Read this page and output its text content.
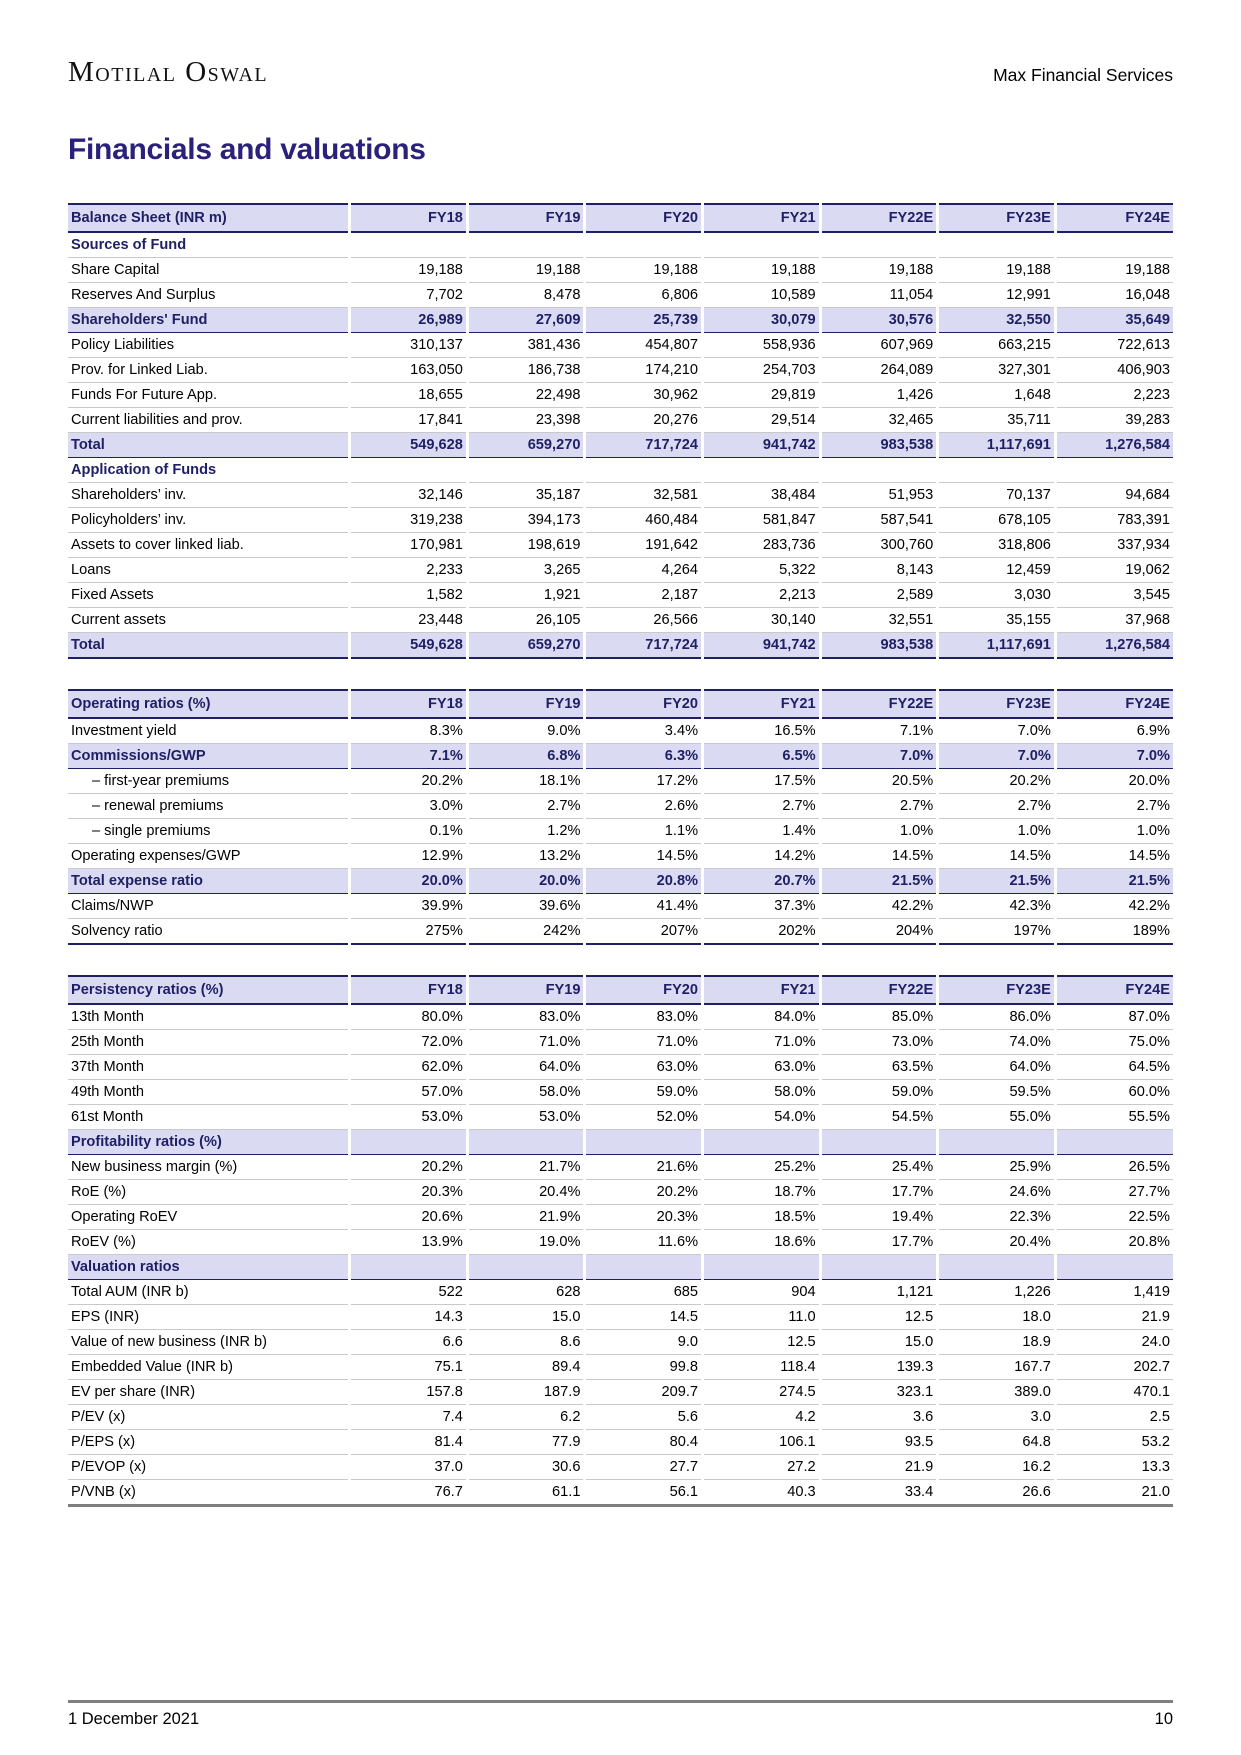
Motilal Oswal	Max Financial Services
Financials and valuations
Balance Sheet (INR m)	FY18	FY19	FY20	FY21	FY22E	FY23E	FY24E
Sources of Fund							
Share Capital	19,188	19,188	19,188	19,188	19,188	19,188	19,188
Reserves And Surplus	7,702	8,478	6,806	10,589	11,054	12,991	16,048
Shareholders' Fund	26,989	27,609	25,739	30,079	30,576	32,550	35,649
Policy Liabilities	310,137	381,436	454,807	558,936	607,969	663,215	722,613
Prov. for Linked Liab.	163,050	186,738	174,210	254,703	264,089	327,301	406,903
Funds For Future App.	18,655	22,498	30,962	29,819	1,426	1,648	2,223
Current liabilities and prov.	17,841	23,398	20,276	29,514	32,465	35,711	39,283
Total	549,628	659,270	717,724	941,742	983,538	1,117,691	1,276,584
Application of Funds							
Shareholders’ inv.	32,146	35,187	32,581	38,484	51,953	70,137	94,684
Policyholders’ inv.	319,238	394,173	460,484	581,847	587,541	678,105	783,391
Assets to cover linked liab.	170,981	198,619	191,642	283,736	300,760	318,806	337,934
Loans	2,233	3,265	4,264	5,322	8,143	12,459	19,062
Fixed Assets	1,582	1,921	2,187	2,213	2,589	3,030	3,545
Current assets	23,448	26,105	26,566	30,140	32,551	35,155	37,968
Total	549,628	659,270	717,724	941,742	983,538	1,117,691	1,276,584
Operating ratios (%)	FY18	FY19	FY20	FY21	FY22E	FY23E	FY24E
Investment yield	8.3%	9.0%	3.4%	16.5%	7.1%	7.0%	6.9%
Commissions/GWP	7.1%	6.8%	6.3%	6.5%	7.0%	7.0%	7.0%
– first-year premiums	20.2%	18.1%	17.2%	17.5%	20.5%	20.2%	20.0%
– renewal premiums	3.0%	2.7%	2.6%	2.7%	2.7%	2.7%	2.7%
– single premiums	0.1%	1.2%	1.1%	1.4%	1.0%	1.0%	1.0%
Operating expenses/GWP	12.9%	13.2%	14.5%	14.2%	14.5%	14.5%	14.5%
Total expense ratio	20.0%	20.0%	20.8%	20.7%	21.5%	21.5%	21.5%
Claims/NWP	39.9%	39.6%	41.4%	37.3%	42.2%	42.3%	42.2%
Solvency ratio	275%	242%	207%	202%	204%	197%	189%
Persistency ratios (%)	FY18	FY19	FY20	FY21	FY22E	FY23E	FY24E
13th Month	80.0%	83.0%	83.0%	84.0%	85.0%	86.0%	87.0%
25th Month	72.0%	71.0%	71.0%	71.0%	73.0%	74.0%	75.0%
37th Month	62.0%	64.0%	63.0%	63.0%	63.5%	64.0%	64.5%
49th Month	57.0%	58.0%	59.0%	58.0%	59.0%	59.5%	60.0%
61st Month	53.0%	53.0%	52.0%	54.0%	54.5%	55.0%	55.5%
Profitability ratios (%)							
New business margin (%)	20.2%	21.7%	21.6%	25.2%	25.4%	25.9%	26.5%
RoE (%)	20.3%	20.4%	20.2%	18.7%	17.7%	24.6%	27.7%
Operating RoEV	20.6%	21.9%	20.3%	18.5%	19.4%	22.3%	22.5%
RoEV (%)	13.9%	19.0%	11.6%	18.6%	17.7%	20.4%	20.8%
Valuation ratios							
Total AUM (INR b)	522	628	685	904	1,121	1,226	1,419
EPS (INR)	14.3	15.0	14.5	11.0	12.5	18.0	21.9
Value of new business (INR b)	6.6	8.6	9.0	12.5	15.0	18.9	24.0
Embedded Value (INR b)	75.1	89.4	99.8	118.4	139.3	167.7	202.7
EV per share (INR)	157.8	187.9	209.7	274.5	323.1	389.0	470.1
P/EV (x)	7.4	6.2	5.6	4.2	3.6	3.0	2.5
P/EPS (x)	81.4	77.9	80.4	106.1	93.5	64.8	53.2
P/EVOP (x)	37.0	30.6	27.7	27.2	21.9	16.2	13.3
P/VNB (x)	76.7	61.1	56.1	40.3	33.4	26.6	21.0
1 December 2021	10
